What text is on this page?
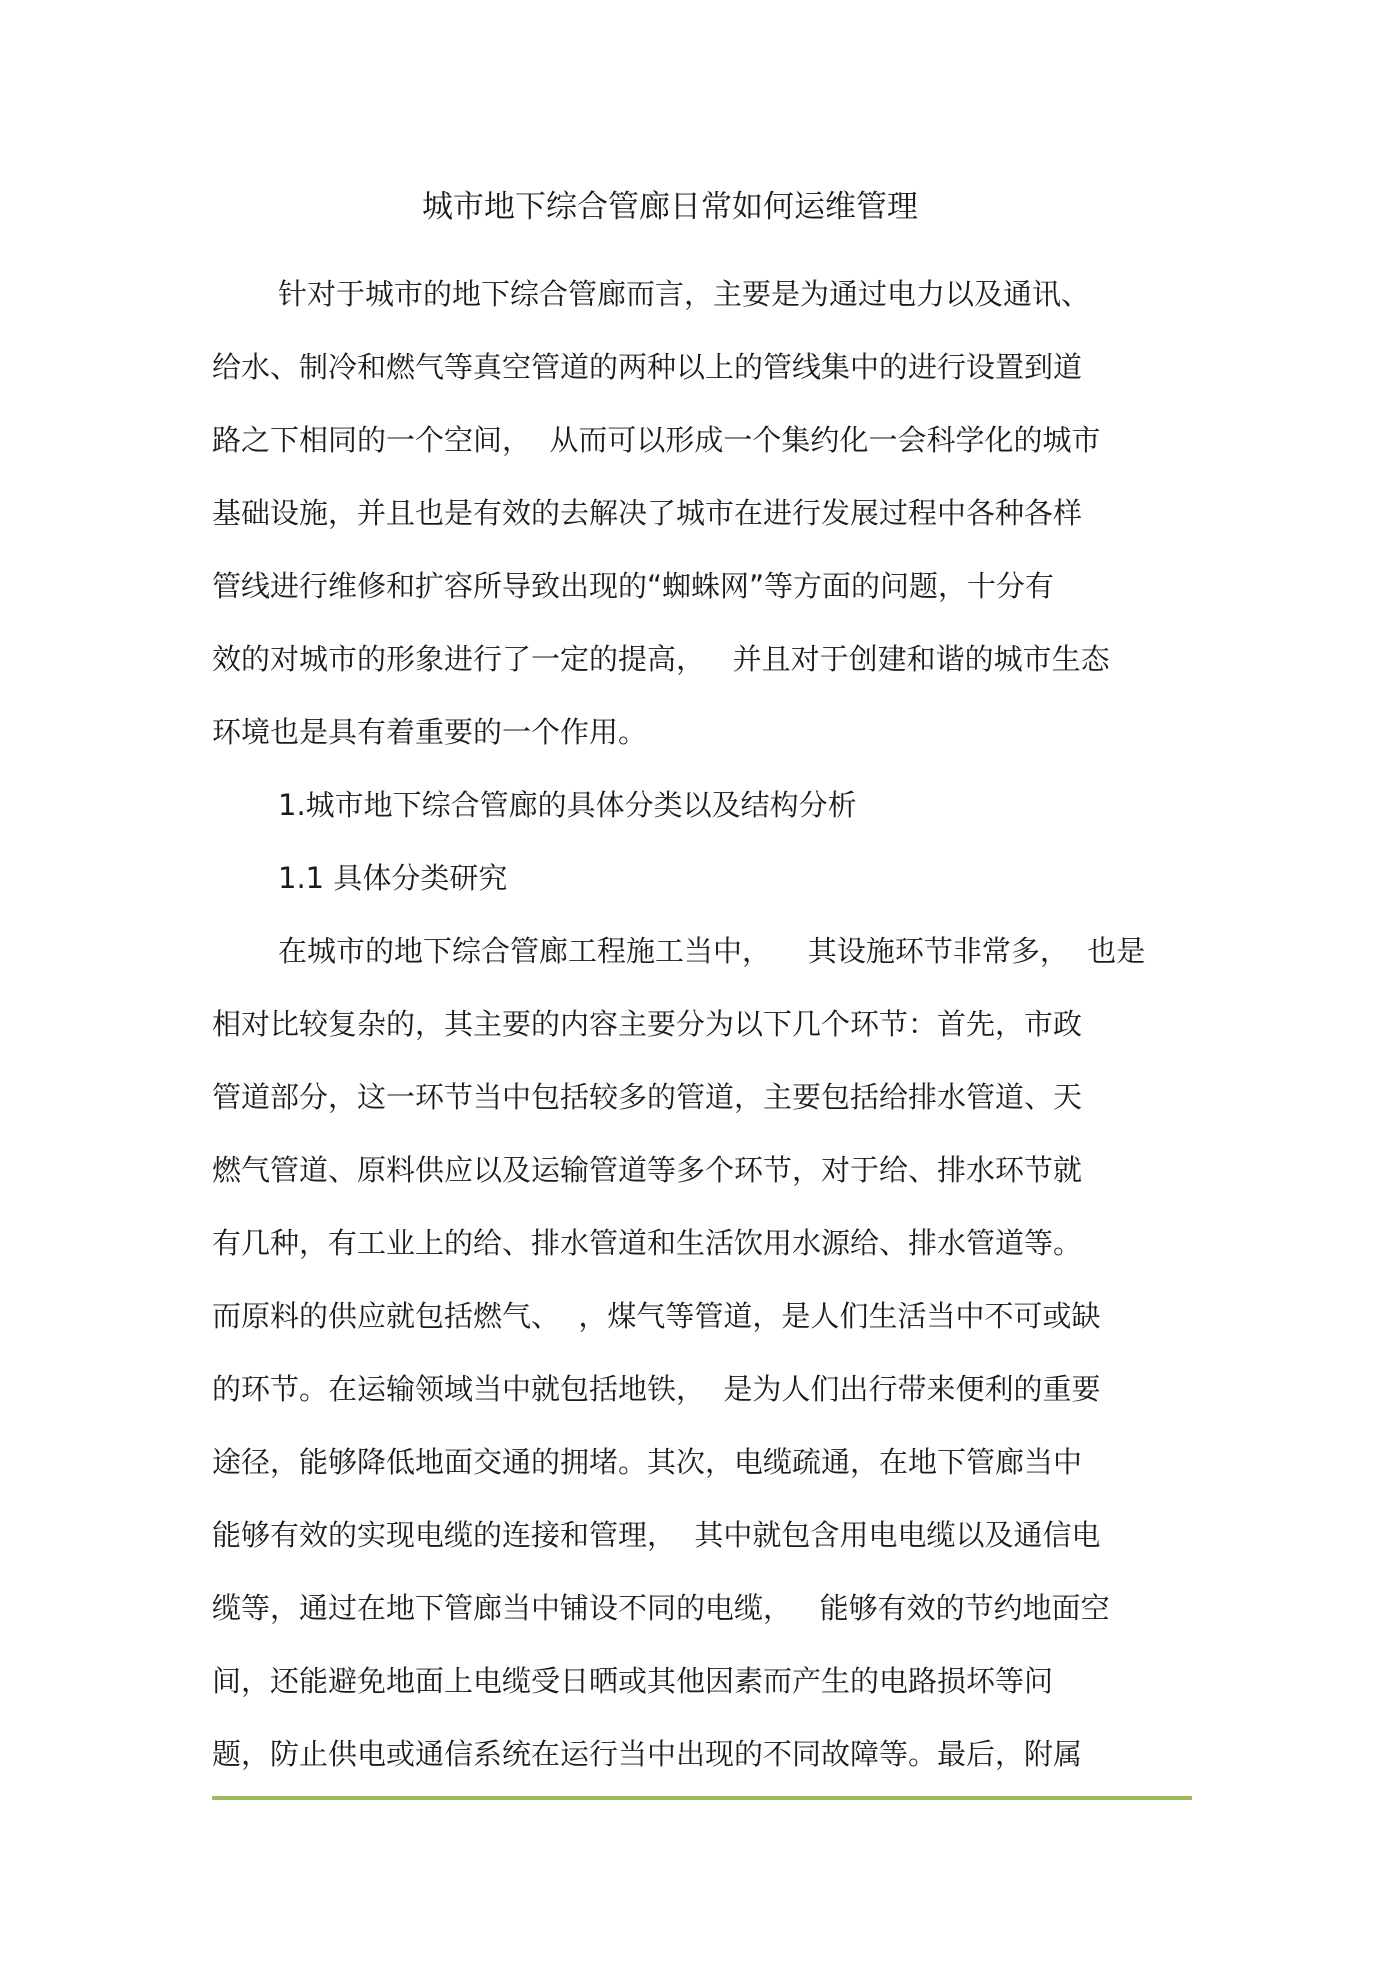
城市地下综合管廊日常如何运维管理
针对于城市的地下综合管廊而言，主要是为通过电力以及通讯、
给水、制冷和燃气等真空管道的两种以上的管线集中的进行设置到道
路之下相同的一个空间，  从而可以形成一个集约化一会科学化的城市
基础设施，并且也是有效的去解决了城市在进行发展过程中各种各样
管线进行维修和扩容所导致出现的“蜘蛛网”等方面的问题，十分有
效的对城市的形象进行了一定的提高，   并且对于创建和谐的城市生态
环境也是具有着重要的一个作用。
1.城市地下综合管廊的具体分类以及结构分析
1.1 具体分类研究
在城市的地下综合管廊工程施工当中，    其设施环节非常多，  也是
相对比较复杂的，其主要的内容主要分为以下几个环节：首先，市政
管道部分，这一环节当中包括较多的管道，主要包括给排水管道、天
燃气管道、原料供应以及运输管道等多个环节，对于给、排水环节就
有几种，有工业上的给、排水管道和生活饮用水源给、排水管道等。
而原料的供应就包括燃气、  ，煤气等管道，是人们生活当中不可或缺
的环节。在运输领域当中就包括地铁，  是为人们出行带来便利的重要
途径，能够降低地面交通的拥堵。其次，电缆疏通，在地下管廊当中
能够有效的实现电缆的连接和管理，  其中就包含用电电缆以及通信电
缆等，通过在地下管廊当中铺设不同的电缆，   能够有效的节约地面空
间，还能避免地面上电缆受日晒或其他因素而产生的电路损坏等问
题，防止供电或通信系统在运行当中出现的不同故障等。最后，附属
